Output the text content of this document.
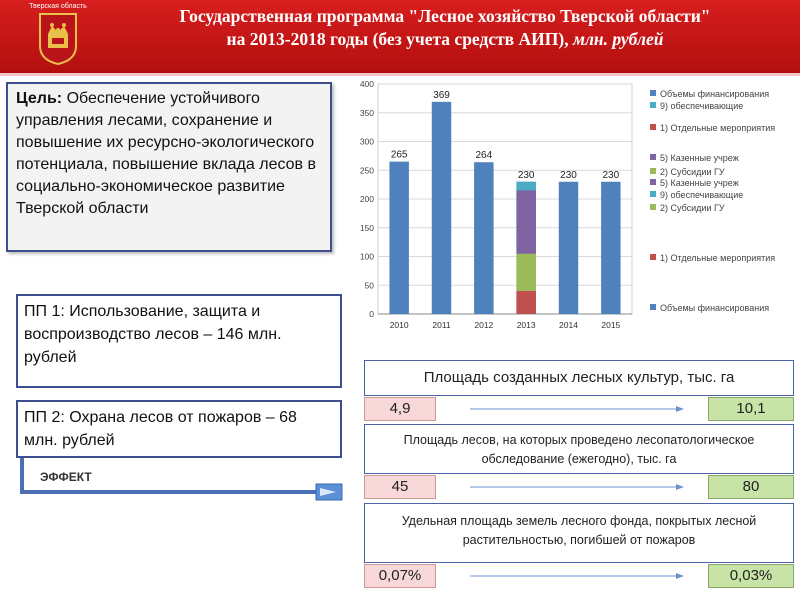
Тверская область	Государственная программа "Лесное хозяйство Тверской области"
на 2013-2018 годы (без учета средств АИП), млн. рублей
Цель: Обеспечение устойчивого управления лесами, сохранение и повышение их ресурсно-экологического потенциала, повышение вклада лесов в социально-экономическое развитие Тверской области
ПП 1: Использование, защита и воспроизводство лесов – 146 млн. рублей
ПП 2: Охрана лесов от пожаров – 68 млн. рублей
ЭФФЕКТ
0
50
100
150
200
250
300
350
400
265
2010
369
2011
264
2012
230
2013
230
2014
230
2015
Объемы финансирования
9) обеспечивающие
1) Отдельные мероприятия
5) Казенные учреж
2) Субсидии ГУ
5) Казенные учреж
9) обеспечивающие
2) Субсидии ГУ
1) Отдельные мероприятия
Объемы финансирования
Площадь созданных лесных культур, тыс. га
4,9	10,1
Площадь лесов, на которых проведено лесопатологическое обследование (ежегодно), тыс. га
45	80
Удельная площадь земель лесного фонда, покрытых лесной растительностью, погибшей от пожаров
0,07%	0,03%
